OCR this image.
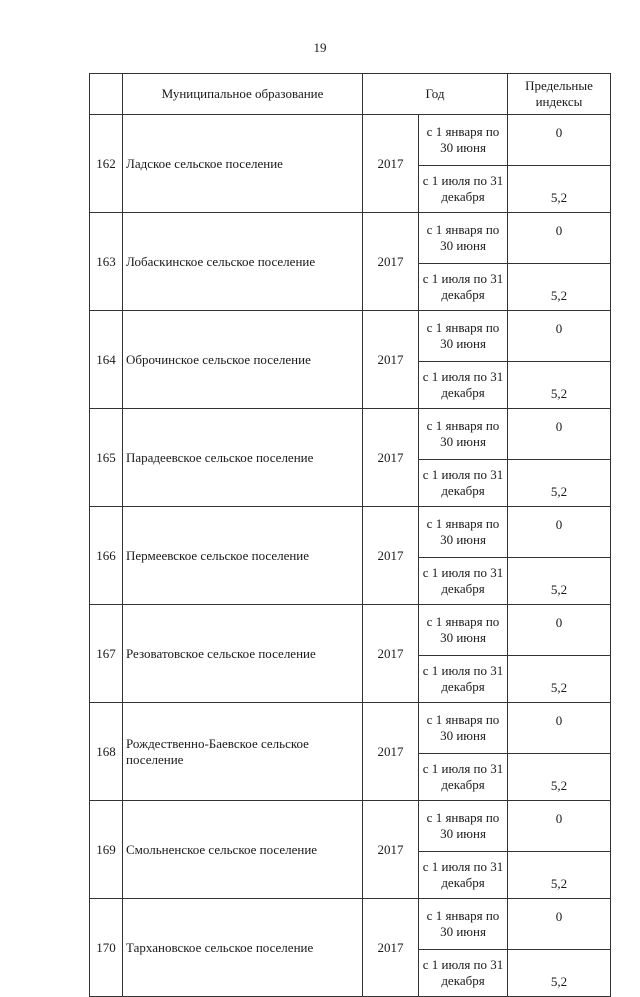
19
	Муниципальное образование	Год		Предельные индексы
162	Ладское сельское поселение	2017	с 1 января по 30 июня	0
			с 1 июля по 31 декабря	5,2
163	Лобаскинское сельское поселение	2017	с 1 января по 30 июня	0
			с 1 июля по 31 декабря	5,2
164	Оброчинское сельское поселение	2017	с 1 января по 30 июня	0
			с 1 июля по 31 декабря	5,2
165	Парадеевское сельское поселение	2017	с 1 января по 30 июня	0
			с 1 июля по 31 декабря	5,2
166	Пермеевское сельское поселение	2017	с 1 января по 30 июня	0
			с 1 июля по 31 декабря	5,2
167	Резоватовское сельское поселение	2017	с 1 января по 30 июня	0
			с 1 июля по 31 декабря	5,2
168	Рождественно-Баевское сельское поселение	2017	с 1 января по 30 июня	0
			с 1 июля по 31 декабря	5,2
169	Смольненское сельское поселение	2017	с 1 января по 30 июня	0
			с 1 июля по 31 декабря	5,2
170	Тархановское сельское поселение	2017	с 1 января по 30 июня	0
			с 1 июля по 31 декабря	5,2
